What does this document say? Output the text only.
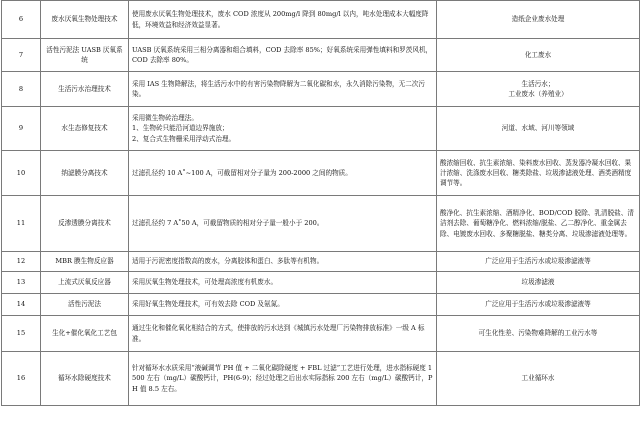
6	废水厌氧生物处理技术	使用废水厌氧生物处理技术，废水 COD 浓度从 200mg/l 降到 80mg/l 以内，吨水处理成本大幅度降低，环境效益和经济效益显著。	造纸企业废水处理
7	活性污泥法 UASB 厌氧系统	UASB 厌氧系统采用三相分离器和组合填料，COD 去除率 85%；好氧系统采用弹性填料和罗茨风机，COD 去除率 80%。	化工废水
8	生活污水治理技术	采用 IAS 生物降解法，将生活污水中的有害污染物降解为二氧化碳和水，永久消除污染物，无二次污染。	生活污水；
工业废水（养殖业）
9	水生态修复技术	采用微生物砖治理法。
1、生物砖只能沿河道边界施放；
2、复合式生物栅采用浮动式治理。	河道、水域、河川等领域
10	纳滤膜分离技术	过滤孔径约 10 A˚~100 A，可截留相对分子量为 200-2000 之间的物质。	酸浓缩回收、抗生素浓缩、染料废水回收、蒸发器冷凝水回收、果汁浓缩、洗涤废水回收、糖类除盐、垃圾渗滤液处理、酒类酒精度调节等。
11	反渗透膜分离技术	过滤孔径约 7 A˚50 A，可截留物质的相对分子量一般小于 200。	酸净化、抗生素浓缩、酒精净化、BOD/COD 脱除、乳清脱盐、清洁剂去除、葡萄糖净化、燃料浓缩/脱盐、乙二醇净化、重金属去除、电镀废水回收、多聚糖脱盐、糖类分离、垃圾渗滤液处理等。
12	MBR 膜生物反应器	适用于污泥密度指数高的废水，分离胶体和蛋白、多肽等有机物。	广泛应用于生活污水或垃圾渗滤液等
13	上流式厌氧反应器	采用厌氧生物处理技术，可处理高浓度有机废水。	垃圾渗滤液
14	活性污泥法	采用好氧生物处理技术，可有效去除 COD 及氨氮。	广泛应用于生活污水或垃圾渗滤液等
15	生化+催化氧化工艺包	通过生化和催化氧化相结合的方式，使排放的污水达到《城镇污水处理厂污染物排放标准》一级 A 标准。	可生化性差、污染物难降解的工业污水等
16	循环水除硬度技术	针对循环水水质采用“液碱调节 PH 值 + 二氧化碳除硬度 + FBL 过滤”工艺进行处理，进水指标硬度 1500 左右（mg/L）碳酸钙计，PH(6-9)；经过处理之后出水实际指标 200 左右（mg/L）碳酸钙计，PH 值 8.5 左右。	工业循环水
